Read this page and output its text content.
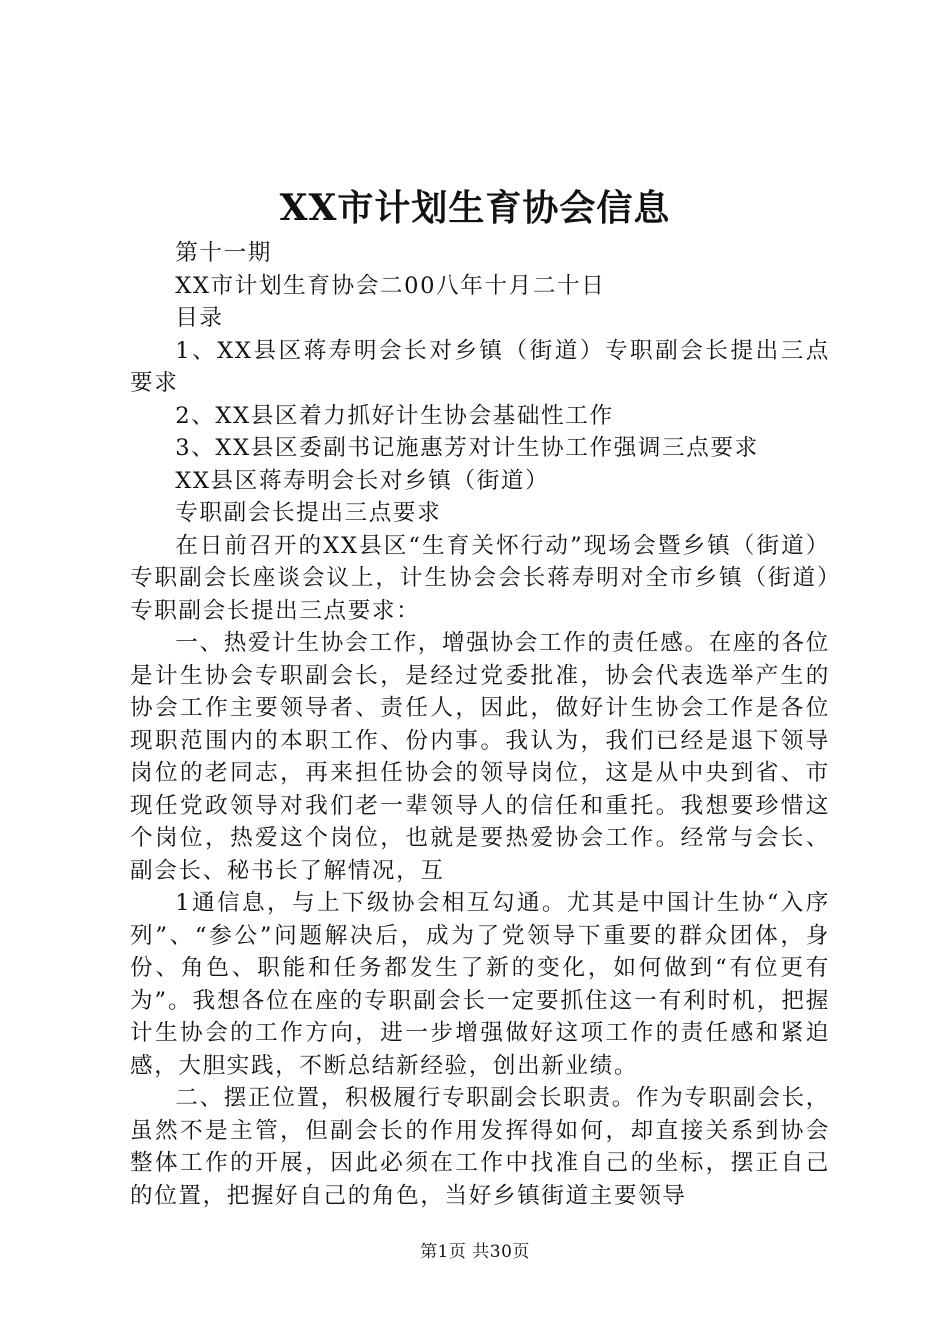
XX市计划生育协会信息

第十一期

XX市计划生育协会二00八年十月二十日

目录

1、XX县区蒋寿明会长对乡镇（街道）专职副会长提出三点要求

2、XX县区着力抓好计生协会基础性工作

3、XX县区委副书记施惠芳对计生协工作强调三点要求

XX县区蒋寿明会长对乡镇（街道）

专职副会长提出三点要求

在日前召开的XX县区“生育关怀行动”现场会暨乡镇（街道）专职副会长座谈会议上，计生协会会长蒋寿明对全市乡镇（街道）专职副会长提出三点要求：

一、热爱计生协会工作，增强协会工作的责任感。在座的各位是计生协会专职副会长，是经过党委批准，协会代表选举产生的协会工作主要领导者、责任人，因此，做好计生协会工作是各位现职范围内的本职工作、份内事。我认为，我们已经是退下领导岗位的老同志，再来担任协会的领导岗位，这是从中央到省、市现任党政领导对我们老一辈领导人的信任和重托。我想要珍惜这个岗位，热爱这个岗位，也就是要热爱协会工作。经常与会长、副会长、秘书长了解情况，互

1通信息，与上下级协会相互勾通。尤其是中国计生协“入序列”、“参公”问题解决后，成为了党领导下重要的群众团体，身份、角色、职能和任务都发生了新的变化，如何做到“有位更有为”。我想各位在座的专职副会长一定要抓住这一有利时机，把握计生协会的工作方向，进一步增强做好这项工作的责任感和紧迫感，大胆实践，不断总结新经验，创出新业绩。

二、摆正位置，积极履行专职副会长职责。作为专职副会长，虽然不是主管，但副会长的作用发挥得如何，却直接关系到协会整体工作的开展，因此必须在工作中找准自己的坐标，摆正自己的位置，把握好自己的角色，当好乡镇街道主要领导

第1页 共30页
